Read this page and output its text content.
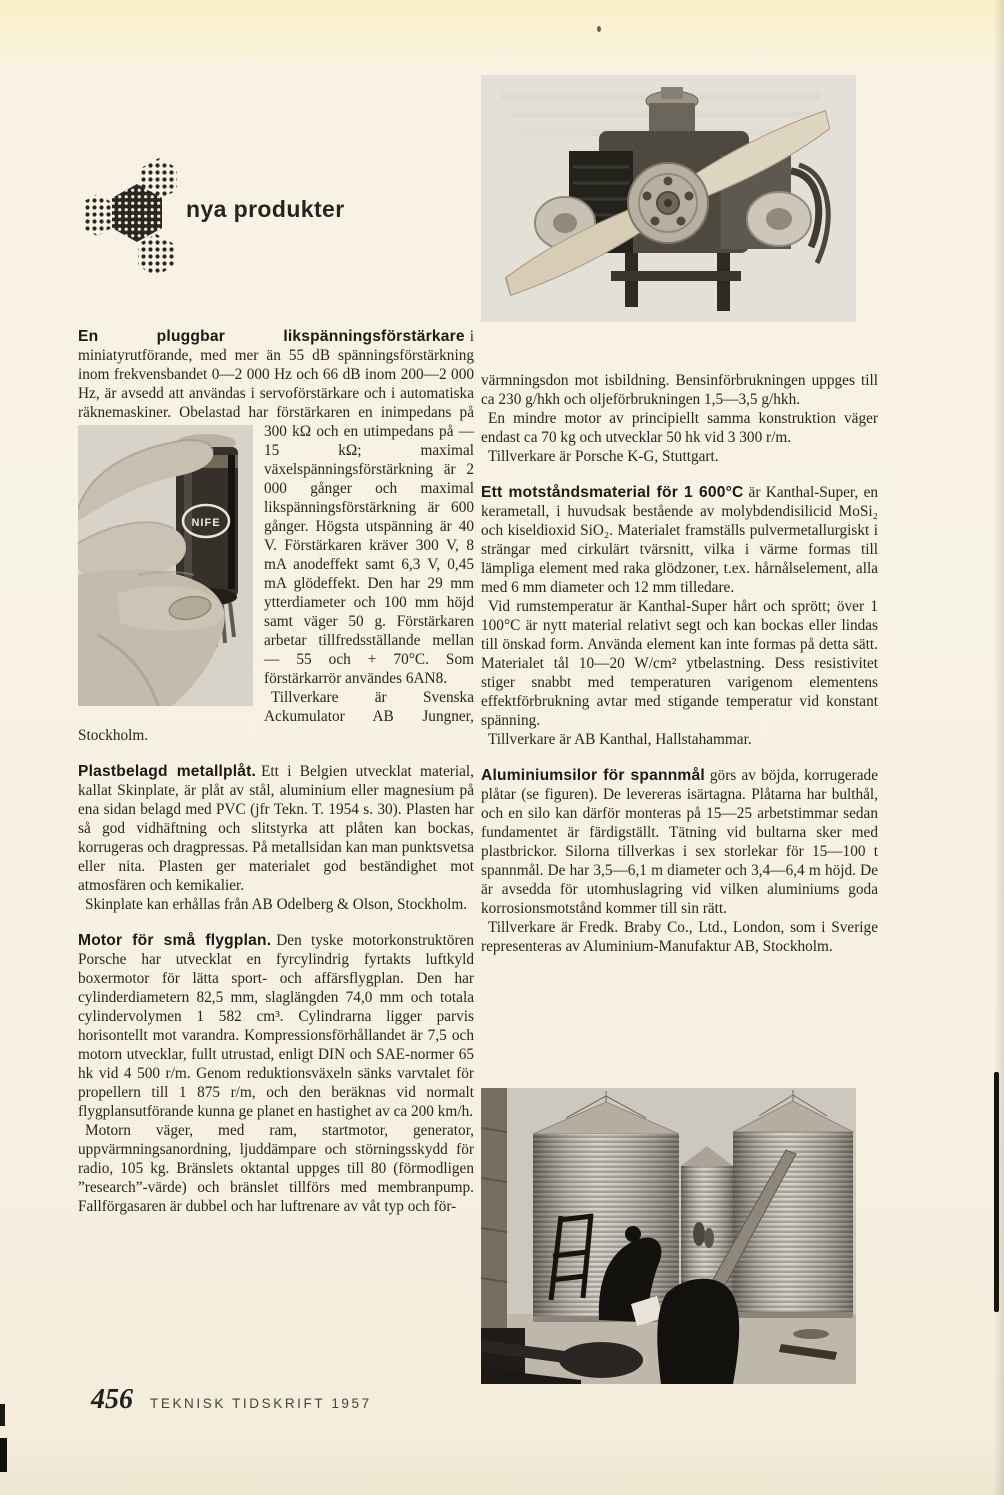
nya produkter

En pluggbar likspänningsförstärkare i miniatyrutförande, med mer än 55 dB spänningsförstärkning inom frekvensbandet 0—2 000 Hz och 66 dB inom 200—2 000 Hz, är avsedd att användas i servoförstärkare och i automatiska räknemaskiner. Obelastad har förstärkaren en inimpedans på 300
NIFE
kΩ och en utimpedans på — 15 kΩ; maximal växelspänningsförstärkning är 2 000 gånger och maximal likspänningsförstärkning är 600 gånger. Högsta utspänning är 40 V. Förstärkaren kräver 300 V, 8 mA anodeffekt samt 6,3 V, 0,45 mA glödeffekt. Den har 29 mm ytterdiameter och 100 mm höjd samt väger 50 g. Förstärkaren arbetar tillfredsställande mellan — 55 och + 70°C. Som förstärkarrör användes 6AN8.

Tillverkare är Svenska Ackumulator AB Jungner, Stockholm.

Plastbelagd metallplåt. Ett i Belgien utvecklat material, kallat Skinplate, är plåt av stål, aluminium eller magnesium på ena sidan belagd med PVC (jfr Tekn. T. 1954 s. 30). Plasten har så god vidhäftning och slitstyrka att plåten kan bockas, korrugeras och dragpressas. På metallsidan kan man punktsvetsa eller nita. Plasten ger materialet god beständighet mot atmosfären och kemikalier.

Skinplate kan erhållas från AB Odelberg & Olson, Stockholm.

Motor för små flygplan. Den tyske motorkonstruktören Porsche har utvecklat en fyrcylindrig fyrtakts luftkyld boxermotor för lätta sport- och affärsflygplan. Den har cylinderdiametern 82,5 mm, slaglängden 74,0 mm och totala cylindervolymen 1 582 cm³. Cylindrarna ligger parvis horisontellt mot varandra. Kompressionsförhållandet är 7,5 och motorn utvecklar, fullt utrustad, enligt DIN och SAE-normer 65 hk vid 4 500 r/m. Genom reduktionsväxeln sänks varvtalet för propellern till 1 875 r/m, och den beräknas vid normalt flygplansutförande kunna ge planet en hastighet av ca 200 km/h.

Motorn väger, med ram, startmotor, generator, uppvärmningsanordning, ljuddämpare och störningsskydd för radio, 105 kg. Bränslets oktantal uppges till 80 (förmodligen ”research”-värde) och bränslet tillförs med membranpump. Fallförgasaren är dubbel och har luftrenare av våt typ och för-

värmningsdon mot isbildning. Bensinförbrukningen uppges till ca 230 g/hkh och oljeförbrukningen 1,5—3,5 g/hkh.

En mindre motor av principiellt samma konstruktion väger endast ca 70 kg och utvecklar 50 hk vid 3 300 r/m.

Tillverkare är Porsche K-G, Stuttgart.

Ett motståndsmaterial för 1 600°C är Kanthal-Super, en kerametall, i huvudsak bestående av molybdendisilicid MoSi₂ och kiseldioxid SiO₂. Materialet framställs pulvermetallurgiskt i strängar med cirkulärt tvärsnitt, vilka i värme formas till lämpliga element med raka glödzoner, t.ex. hårnålselement, alla med 6 mm diameter och 12 mm tilledare.

Vid rumstemperatur är Kanthal-Super hårt och sprött; över 1 100°C är nytt material relativt segt och kan bockas eller lindas till önskad form. Använda element kan inte formas på detta sätt. Materialet tål 10—20 W/cm² ytbelastning. Dess resistivitet stiger snabbt med temperaturen varigenom elementens effektförbrukning avtar med stigande temperatur vid konstant spänning.

Tillverkare är AB Kanthal, Hallstahammar.

Aluminiumsilor för spannmål görs av böjda, korrugerade plåtar (se figuren). De levereras isärtagna. Plåtarna har bulthål, och en silo kan därför monteras på 15—25 arbetstimmar sedan fundamentet är färdigställt. Tätning vid bultarna sker med plastbrickor. Silorna tillverkas i sex storlekar för 15—100 t spannmål. De har 3,5—6,1 m diameter och 3,4—6,4 m höjd. De är avsedda för utomhuslagring vid vilken aluminiums goda korrosionsmotstånd kommer till sin rätt.

Tillverkare är Fredk. Braby Co., Ltd., London, som i Sverige representeras av Aluminium-Manufaktur AB, Stockholm.

456 TEKNISK TIDSKRIFT 1957
